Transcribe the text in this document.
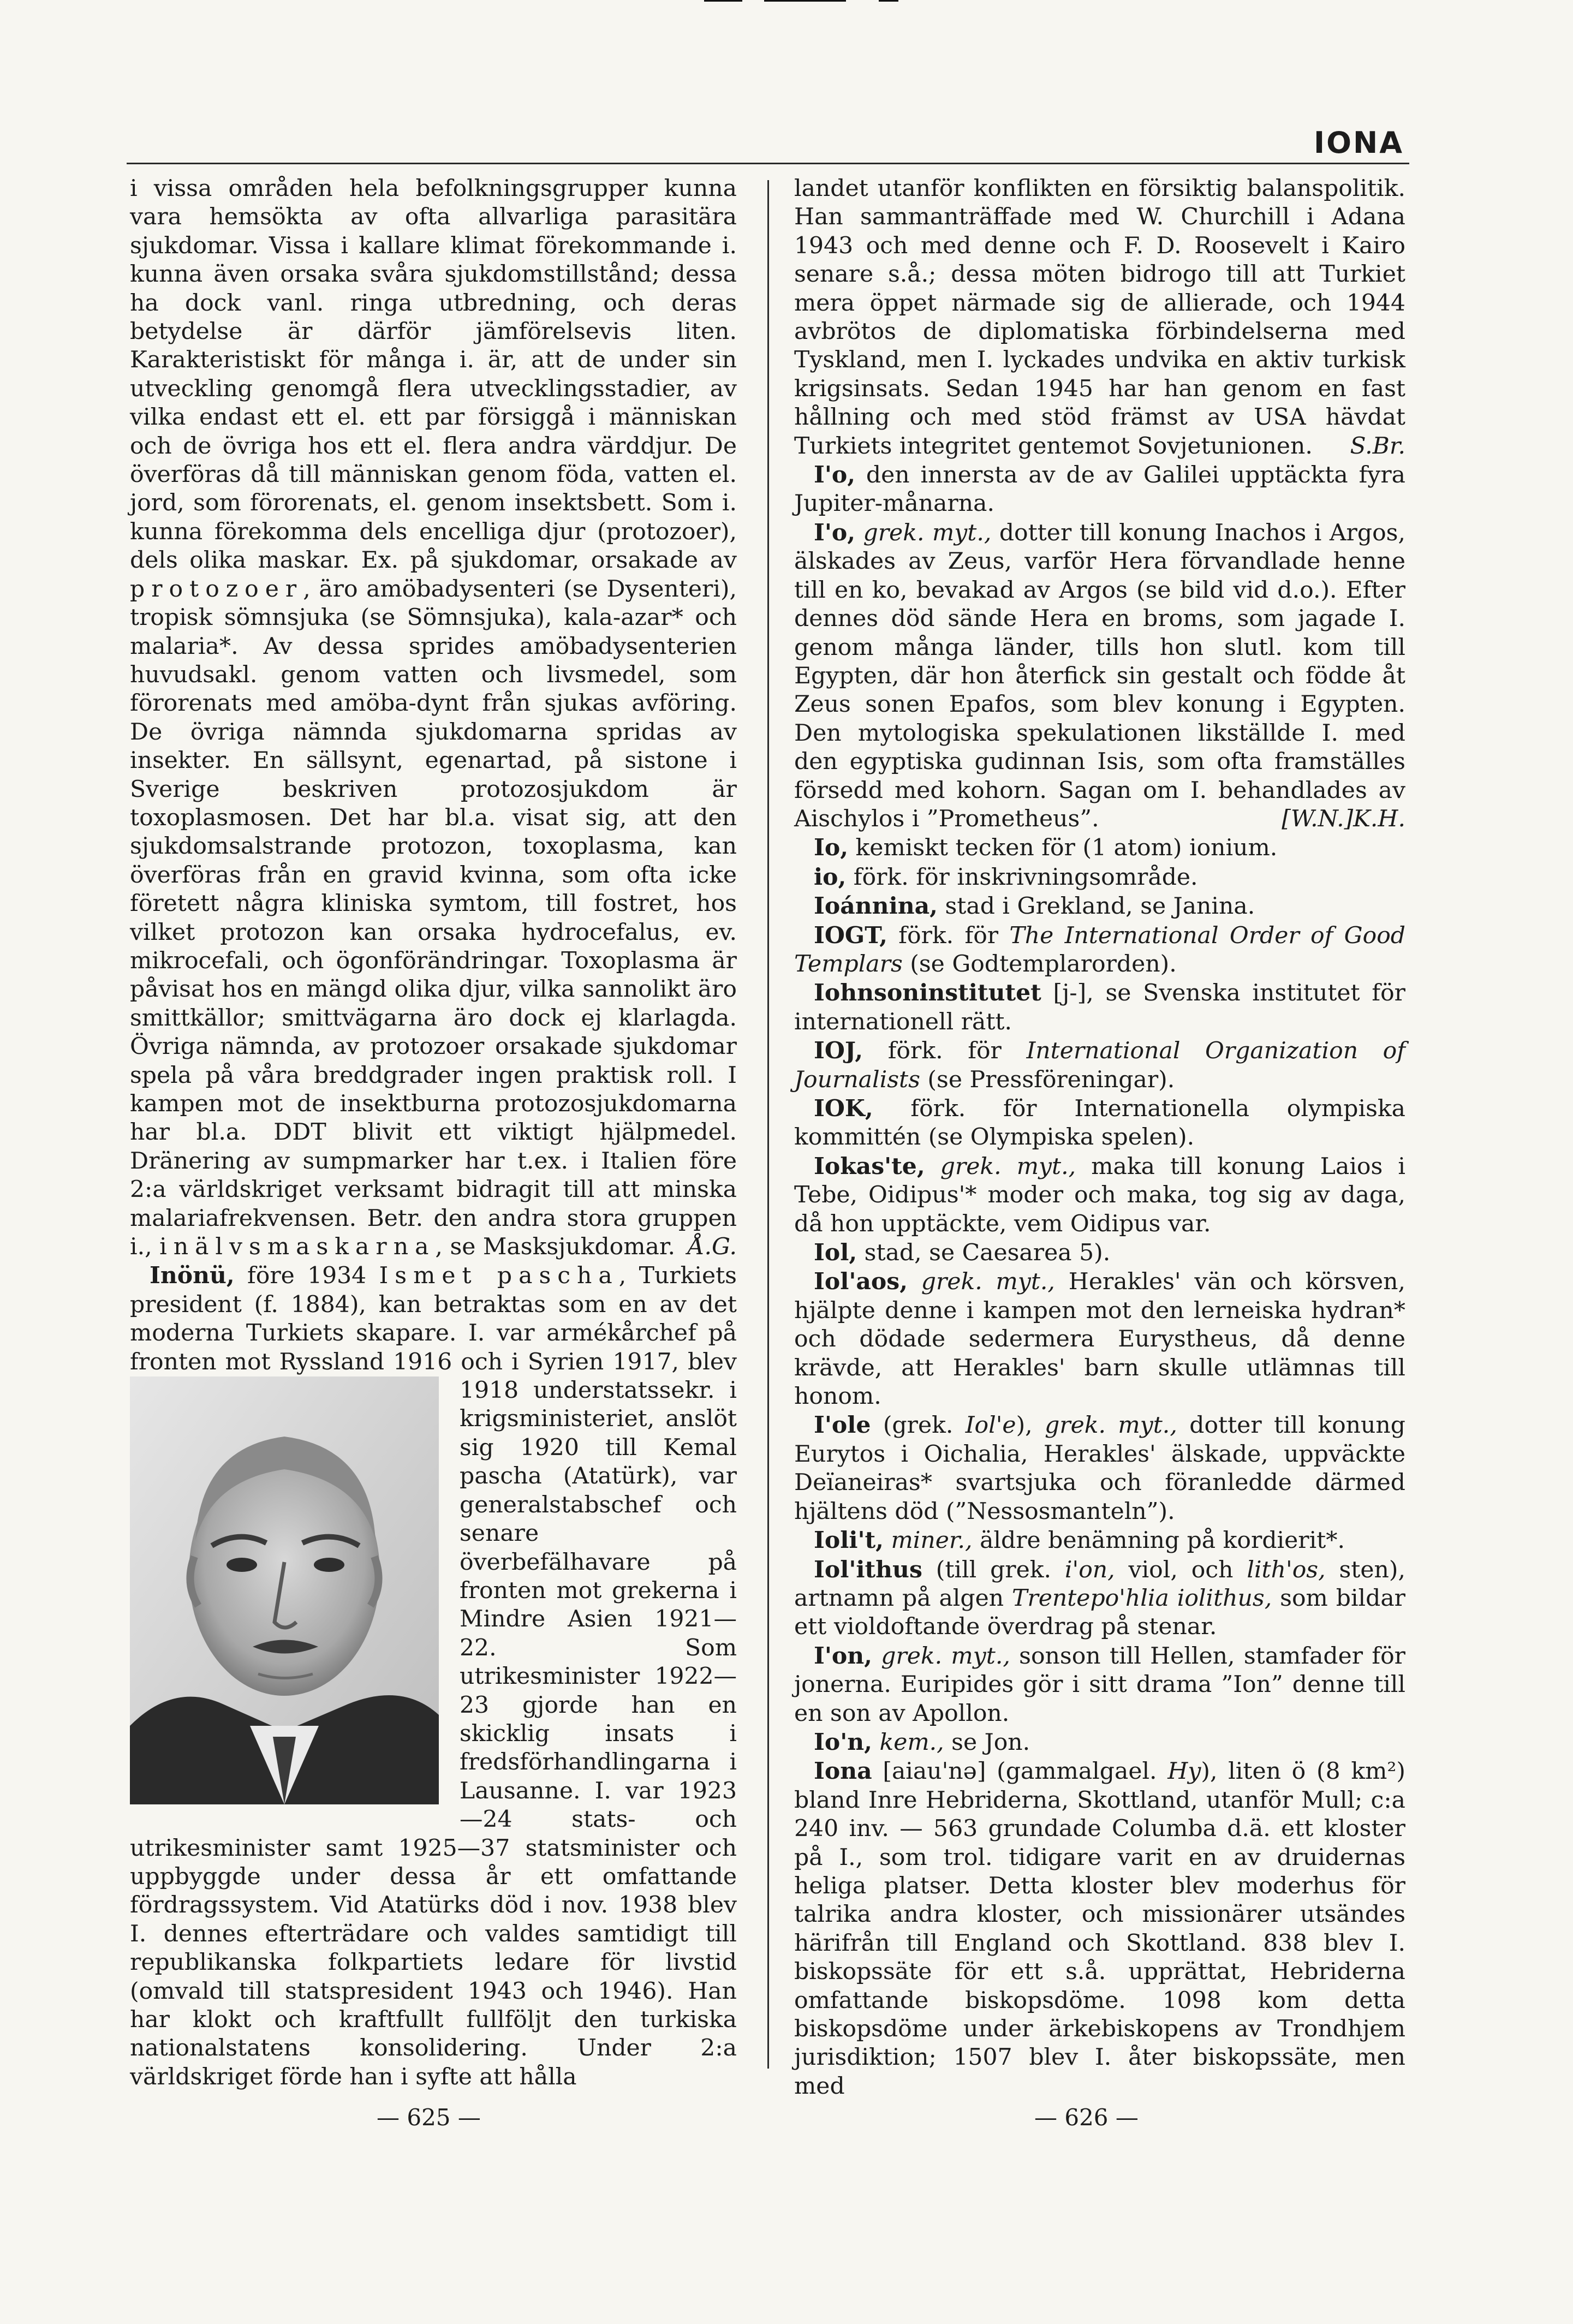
IONA

i vissa områden hela befolkningsgrupper kunna vara hemsökta av ofta allvarliga parasitära sjukdomar. Vissa i kallare klimat förekommande i. kunna även orsaka svåra sjukdomstillstånd; dessa ha dock vanl. ringa utbredning, och deras betydelse är därför jämförelsevis liten. Karakteristiskt för många i. är, att de under sin utveckling genomgå flera utvecklingsstadier, av vilka endast ett el. ett par försiggå i människan och de övriga hos ett el. flera andra värddjur. De överföras då till människan genom föda, vatten el. jord, som förorenats, el. genom insektsbett. Som i. kunna förekomma dels encelliga djur (protozoer), dels olika maskar. Ex. på sjukdomar, orsakade av protozoer, äro amöbadysenteri (se Dysenteri), tropisk sömnsjuka (se Sömnsjuka), kala-azar* och malaria*. Av dessa sprides amöbadysenterien huvudsakl. genom vatten och livsmedel, som förorenats med amöba-dynt från sjukas avföring. De övriga nämnda sjukdomarna spridas av insekter. En sällsynt, egenartad, på sistone i Sverige beskriven protozosjukdom är toxoplasmosen. Det har bl.a. visat sig, att den sjukdomsalstrande protozon, toxoplasma, kan överföras från en gravid kvinna, som ofta icke företett några kliniska symtom, till fostret, hos vilket protozon kan orsaka hydrocefalus, ev. mikrocefali, och ögonförändringar. Toxoplasma är påvisat hos en mängd olika djur, vilka sannolikt äro smittkällor; smittvägarna äro dock ej klarlagda. Övriga nämnda, av protozoer orsakade sjukdomar spela på våra breddgrader ingen praktisk roll. I kampen mot de insektburna protozosjukdomarna har bl.a. DDT blivit ett viktigt hjälpmedel. Dränering av sumpmarker har t.ex. i Italien före 2:a världskriget verksamt bidragit till att minska malariafrekvensen. Betr. den andra stora gruppen i., inälvsmaskarna, se Masksjukdomar. Å.G.

Inönü, före 1934 Ismet pascha, Turkiets president (f. 1884), kan betraktas som en av det moderna Turkiets skapare. I. var armékårchef på fronten mot Ryssland 1916 och i Syrien 1917, blev
1918 understatssekr. i krigsministeriet, anslöt sig 1920 till Kemal pascha (Atatürk), var generalstabschef och senare överbefälhavare på fronten mot grekerna i Mindre Asien 1921—22. Som utrikesminister 1922—23 gjorde han en skicklig insats i fredsförhandlingarna i Lausanne. I. var 1923—24 stats- och utrikesminister samt 1925—37 statsminister och uppbyggde under dessa år ett omfattande fördragssystem. Vid Atatürks död i nov. 1938 blev I. dennes efterträdare och valdes samtidigt till republikanska folkpartiets ledare för livstid (omvald till statspresident 1943 och 1946). Han har klokt och kraftfullt fullföljt den turkiska nationalstatens konsolidering. Under 2:a världskriget förde han i syfte att hålla

landet utanför konflikten en försiktig balanspolitik. Han sammanträffade med W. Churchill i Adana 1943 och med denne och F. D. Roosevelt i Kairo senare s.å.; dessa möten bidrogo till att Turkiet mera öppet närmade sig de allierade, och 1944 avbrötos de diplomatiska förbindelserna med Tyskland, men I. lyckades undvika en aktiv turkisk krigsinsats. Sedan 1945 har han genom en fast hållning och med stöd främst av USA hävdat Turkiets integritet gentemot Sovjetunionen. S.Br.

I'o, den innersta av de av Galilei upptäckta fyra Jupiter-månarna.

I'o, grek. myt., dotter till konung Inachos i Argos, älskades av Zeus, varför Hera förvandlade henne till en ko, bevakad av Argos (se bild vid d.o.). Efter dennes död sände Hera en broms, som jagade I. genom många länder, tills hon slutl. kom till Egypten, där hon återfick sin gestalt och födde åt Zeus sonen Epafos, som blev konung i Egypten. Den mytologiska spekulationen likställde I. med den egyptiska gudinnan Isis, som ofta framställes försedd med kohorn. Sagan om I. behandlades av Aischylos i ”Prometheus”.	[W.N.]K.H.

Io, kemiskt tecken för (1 atom) ionium.

io, förk. för inskrivningsområde.

Ioánnina, stad i Grekland, se Janina.

IOGT, förk. för The International Order of Good Templars (se Godtemplarorden).

Iohnsoninstitutet [j-], se Svenska institutet för internationell rätt.

IOJ, förk. för International Organization of Journalists (se Pressföreningar).

IOK, förk. för Internationella olympiska kommittén (se Olympiska spelen).

Iokas'te, grek. myt., maka till konung Laios i Tebe, Oidipus'* moder och maka, tog sig av daga, då hon upptäckte, vem Oidipus var.

Iol, stad, se Caesarea 5).

Iol'aos, grek. myt., Herakles' vän och körsven, hjälpte denne i kampen mot den lerneiska hydran* och dödade sedermera Eurystheus, då denne krävde, att Herakles' barn skulle utlämnas till honom.

I'ole (grek. Iol'e), grek. myt., dotter till konung Eurytos i Oichalia, Herakles' älskade, uppväckte Deïaneiras* svartsjuka och föranledde därmed hjältens död (”Nessosmanteln”).

Ioli't, miner., äldre benämning på kordierit*.

Iol'ithus (till grek. i'on, viol, och lith'os, sten), artnamn på algen Trentepo'hlia iolithus, som bildar ett violdoftande överdrag på stenar.

I'on, grek. myt., sonson till Hellen, stamfader för jonerna. Euripides gör i sitt drama ”Ion” denne till en son av Apollon.

Io'n, kem., se Jon.

Iona [aiau'nə] (gammalgael. Hy), liten ö (8 km²) bland Inre Hebriderna, Skottland, utanför Mull; c:a 240 inv. — 563 grundade Columba d.ä. ett kloster på I., som trol. tidigare varit en av druidernas heliga platser. Detta kloster blev moderhus för talrika andra kloster, och missionärer utsändes härifrån till England och Skottland. 838 blev I. biskopssäte för ett s.å. upprättat, Hebriderna omfattande biskopsdöme. 1098 kom detta biskopsdöme under ärkebiskopens av Trondhjem jurisdiktion; 1507 blev I. åter biskopssäte, men med

— 625 —	— 626 —
